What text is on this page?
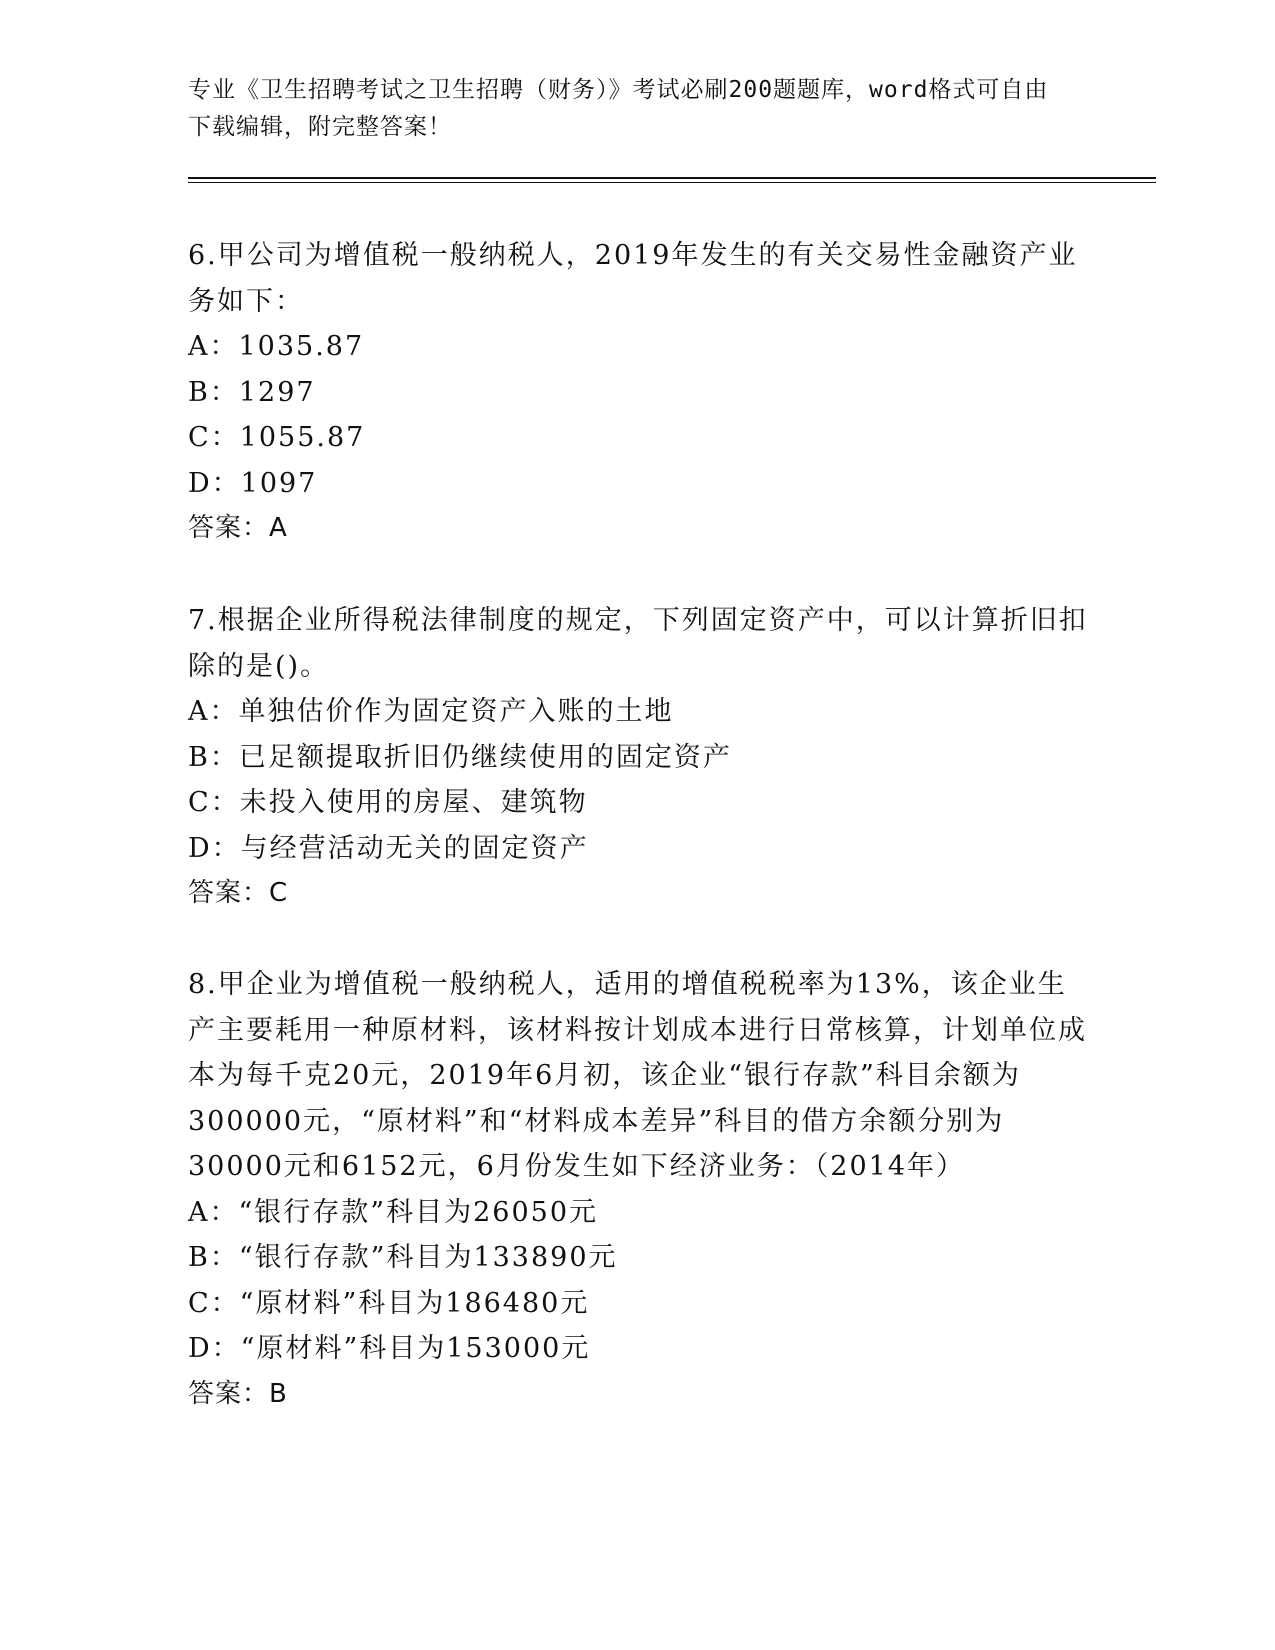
专业《卫生招聘考试之卫生招聘（财务）》考试必刷200题题库，word格式可自由下载编辑，附完整答案！
6.甲公司为增值税一般纳税人，2019年发生的有关交易性金融资产业务如下：
A：1035.87
B：1297
C：1055.87
D：1097
答案：A
7.根据企业所得税法律制度的规定，下列固定资产中，可以计算折旧扣除的是()。
A：单独估价作为固定资产入账的土地
B：已足额提取折旧仍继续使用的固定资产
C：未投入使用的房屋、建筑物
D：与经营活动无关的固定资产
答案：C
8.甲企业为增值税一般纳税人，适用的增值税税率为13%，该企业生产主要耗用一种原材料，该材料按计划成本进行日常核算，计划单位成本为每千克20元，2019年6月初，该企业“银行存款”科目余额为300000元，“原材料”和“材料成本差异”科目的借方余额分别为30000元和6152元，6月份发生如下经济业务：（2014年）
A：“银行存款”科目为26050元
B：“银行存款”科目为133890元
C：“原材料”科目为186480元
D：“原材料”科目为153000元
答案：B
